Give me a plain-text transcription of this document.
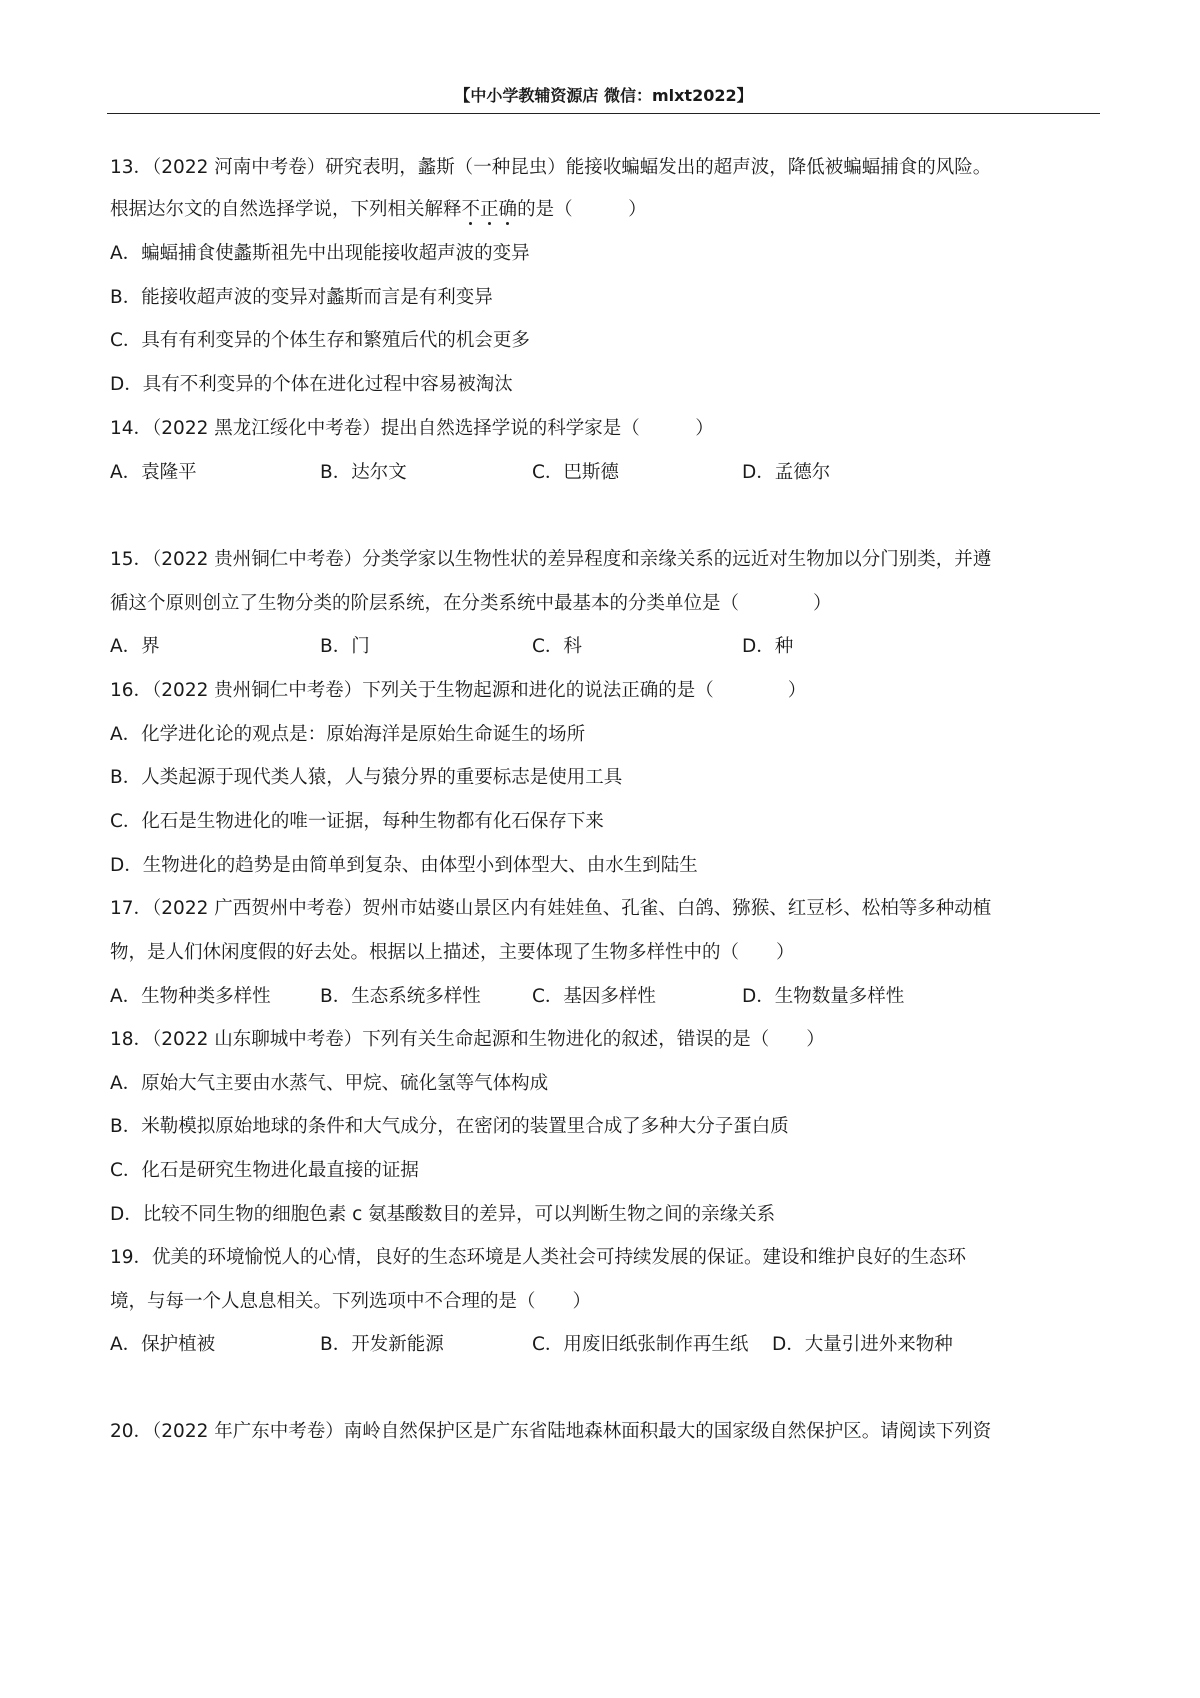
【中小学教辅资源店 微信：mlxt2022】
13．（2022 河南中考卷）研究表明，蠡斯（一种昆虫）能接收蝙蝠发出的超声波，降低被蝙蝠捕食的风险。
根据达尔文的自然选择学说，下列相关解释不正确的是（　　　）
A．蝙蝠捕食使蠡斯祖先中出现能接收超声波的变异
B．能接收超声波的变异对蠡斯而言是有利变异
C．具有有利变异的个体生存和繁殖后代的机会更多
D．具有不利变异的个体在进化过程中容易被淘汰
14．（2022 黑龙江绥化中考卷）提出自然选择学说的科学家是（　　　）
A．袁隆平	B．达尔文	C．巴斯德	D．孟德尔
15．（2022 贵州铜仁中考卷）分类学家以生物性状的差异程度和亲缘关系的远近对生物加以分门别类，并遵
循这个原则创立了生物分类的阶层系统，在分类系统中最基本的分类单位是（　　　　）
A．界	B．门	C．科	D．种
16．（2022 贵州铜仁中考卷）下列关于生物起源和进化的说法正确的是（　　　　）
A．化学进化论的观点是：原始海洋是原始生命诞生的场所
B．人类起源于现代类人猿，人与猿分界的重要标志是使用工具
C．化石是生物进化的唯一证据，每种生物都有化石保存下来
D．生物进化的趋势是由简单到复杂、由体型小到体型大、由水生到陆生
17．（2022 广西贺州中考卷）贺州市姑婆山景区内有娃娃鱼、孔雀、白鸽、猕猴、红豆杉、松柏等多种动植
物，是人们休闲度假的好去处。根据以上描述，主要体现了生物多样性中的（　　）
A．生物种类多样性	B．生态系统多样性	C．基因多样性	D．生物数量多样性
18．（2022 山东聊城中考卷）下列有关生命起源和生物进化的叙述，错误的是（　　）
A．原始大气主要由水蒸气、甲烷、硫化氢等气体构成
B．米勒模拟原始地球的条件和大气成分，在密闭的装置里合成了多种大分子蛋白质
C．化石是研究生物进化最直接的证据
D．比较不同生物的细胞色素 c 氨基酸数目的差异，可以判断生物之间的亲缘关系
19．优美的环境愉悦人的心情，良好的生态环境是人类社会可持续发展的保证。建设和维护良好的生态环
境，与每一个人息息相关。下列选项中不合理的是（　　）
A．保护植被	B．开发新能源	C．用废旧纸张制作再生纸 D．大量引进外来物种
20．（2022 年广东中考卷）南岭自然保护区是广东省陆地森林面积最大的国家级自然保护区。请阅读下列资
